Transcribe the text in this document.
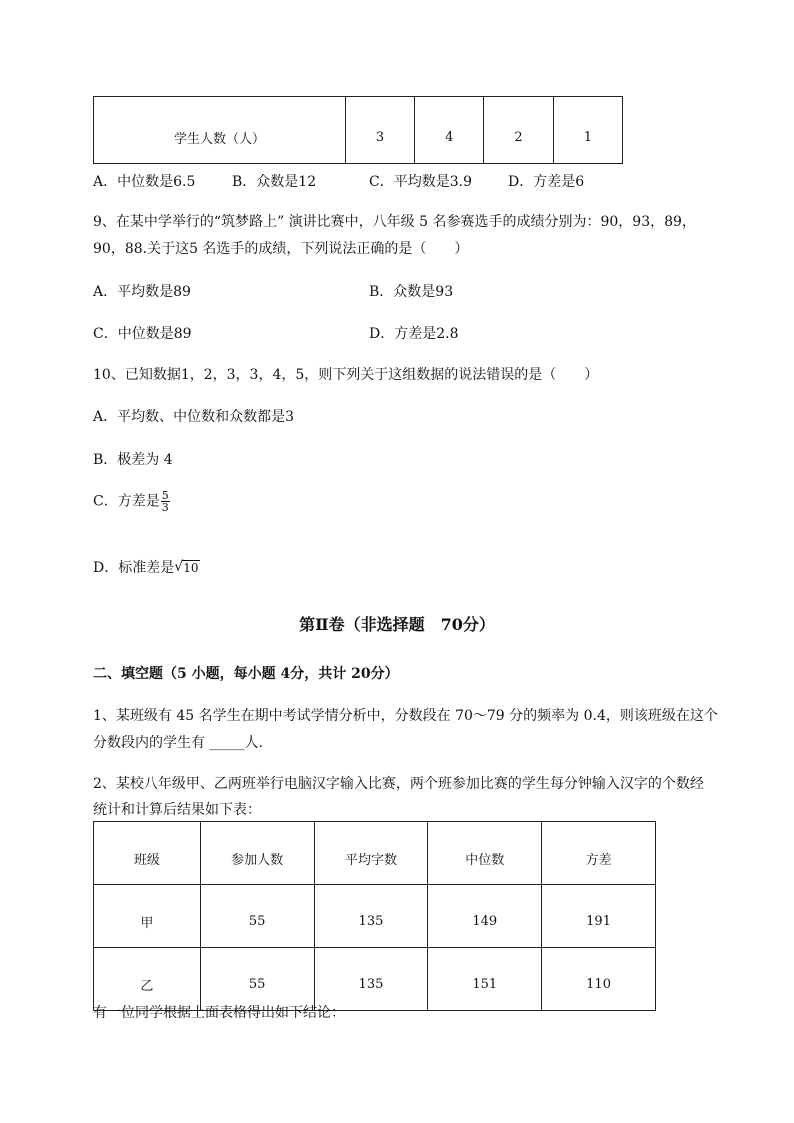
学生人数（人）	3	4	2	1
A．中位数是6.5	B．众数是12	C．平均数是3.9	D．方差是6
9、在某中学举行的“筑梦路上” 演讲比赛中，八年级 5 名参赛选手的成绩分别为：90，93，89，
90，88.关于这5 名选手的成绩，下列说法正确的是（　　）
A．平均数是89	B．众数是93
C．中位数是89	D．方差是2.8
10、已知数据1，2，3，3，4，5，则下列关于这组数据的说法错误的是（　　）
A．平均数、中位数和众数都是3
B．极差为 4
C．方差是 $\frac{5}{3}$
D．标准差是 √ 10
第Ⅱ卷（非选择题　70分）
二、填空题（5 小题，每小题 4分，共计 20分）
1、某班级有 45 名学生在期中考试学情分析中，分数段在 70～79 分的频率为 0.4，则该班级在这个
分数段内的学生有 _____人.
2、某校八年级甲、乙两班举行电脑汉字输入比赛，两个班参加比赛的学生每分钟输入汉字的个数经
统计和计算后结果如下表：
班级	参加人数	平均字数	中位数	方差
甲	55	135	149	191
乙	55	135	151	110
有一位同学根据上面表格得出如下结论：
